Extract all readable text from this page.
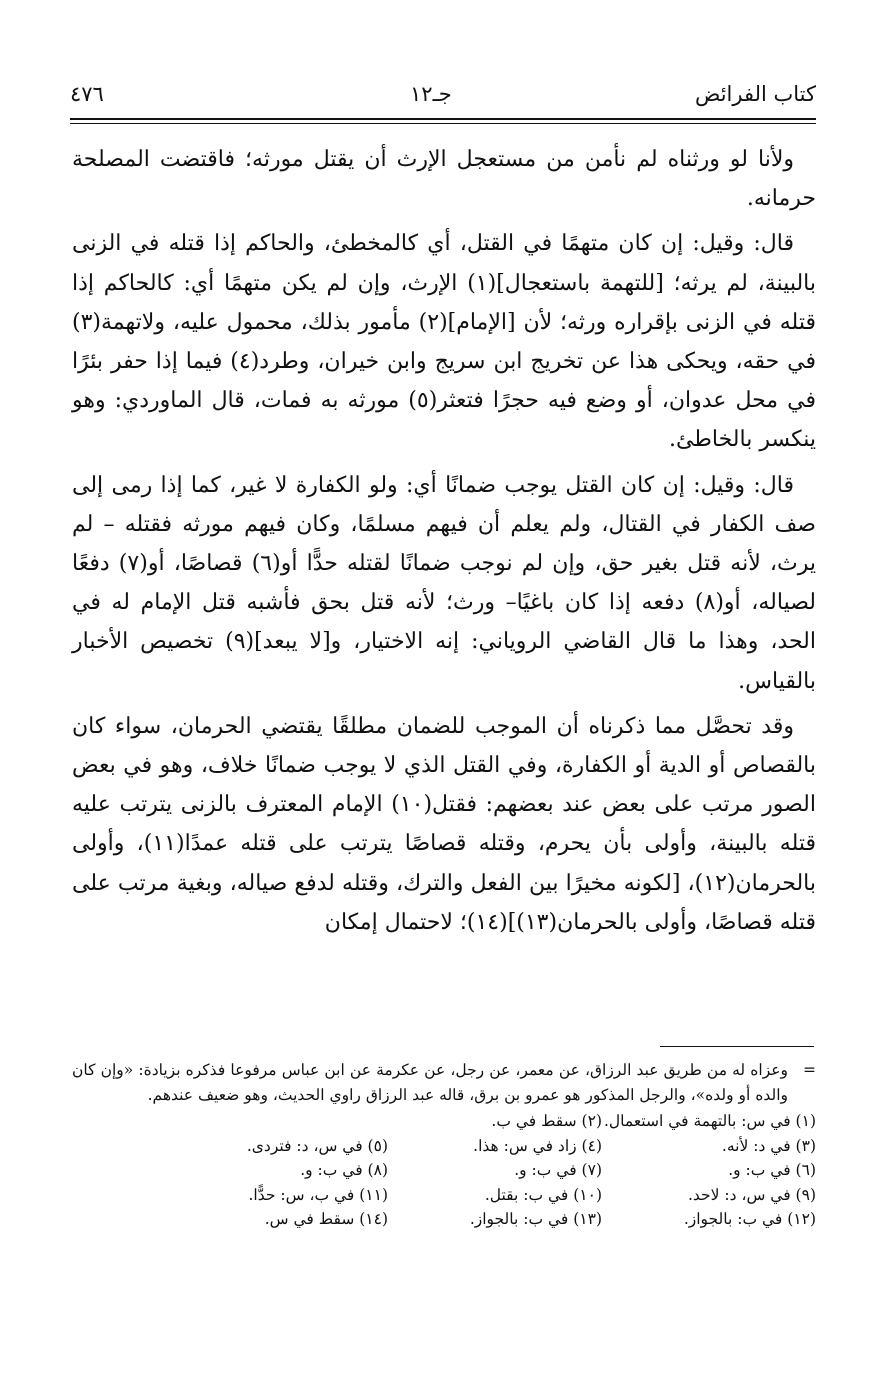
٤٧٦	جـ١٢	كتاب الفرائض

ولأنا لو ورثناه لم نأمن من مستعجل الإرث أن يقتل مورثه؛ فاقتضت المصلحة حرمانه.

قال: وقيل: إن كان متهمًا في القتل، أي كالمخطئ، والحاكم إذا قتله في الزنى بالبينة، لم يرثه؛ [للتهمة باستعجال](١) الإرث، وإن لم يكن متهمًا أي: كالحاكم إذا قتله في الزنى بإقراره ورثه؛ لأن [الإمام](٢) مأمور بذلك، محمول عليه، ولاتهمة(٣) في حقه، ويحكى هذا عن تخريج ابن سريج وابن خيران، وطرد(٤) فيما إذا حفر بئرًا في محل عدوان، أو وضع فيه حجرًا فتعثر(٥) مورثه به فمات، قال الماوردي: وهو ينكسر بالخاطئ.

قال: وقيل: إن كان القتل يوجب ضمانًا أي: ولو الكفارة لا غير، كما إذا رمى إلى صف الكفار في القتال، ولم يعلم أن فيهم مسلمًا، وكان فيهم مورثه فقتله – لم يرث، لأنه قتل بغير حق، وإن لم نوجب ضمانًا لقتله حدًّا أو(٦) قصاصًا، أو(٧) دفعًا لصياله، أو(٨) دفعه إذا كان باغيًا– ورث؛ لأنه قتل بحق فأشبه قتل الإمام له في الحد، وهذا ما قال القاضي الروياني: إنه الاختيار، و[لا يبعد](٩) تخصيص الأخبار بالقياس.

وقد تحصَّل مما ذكرناه أن الموجب للضمان مطلقًا يقتضي الحرمان، سواء كان بالقصاص أو الدية أو الكفارة، وفي القتل الذي لا يوجب ضمانًا خلاف، وهو في بعض الصور مرتب على بعض عند بعضهم: فقتل(١٠) الإمام المعترف بالزنى يترتب عليه قتله بالبينة، وأولى بأن يحرم، وقتله قصاصًا يترتب على قتله عمدًا(١١)، وأولى بالحرمان(١٢)، [لكونه مخيرًا بين الفعل والترك، وقتله لدفع صياله، وبغية مرتب على قتله قصاصًا، وأولى بالحرمان(١٣)](١٤)؛ لاحتمال إمكان

=
وعزاه له من طريق عبد الرزاق، عن معمر، عن رجل، عن عكرمة عن ابن عباس مرفوعا فذكره بزيادة: «وإن كان والده أو ولده»، والرجل المذكور هو عمرو بن برق، قاله عبد الرزاق راوي الحديث، وهو ضعيف عندهم.
(١) في س: بالتهمة في استعمال.
(٢) سقط في ب.
(٣) في د: لأنه.
(٤) زاد في س: هذا.
(٥) في س، د: فتردى.
(٦) في ب: و.
(٧) في ب: و.
(٨) في ب: و.
(٩) في س، د: لاحد.
(١٠) في ب: بقتل.
(١١) في ب، س: حدًّا.
(١٢) في ب: بالجواز.
(١٣) في ب: بالجواز.
(١٤) سقط في س.
